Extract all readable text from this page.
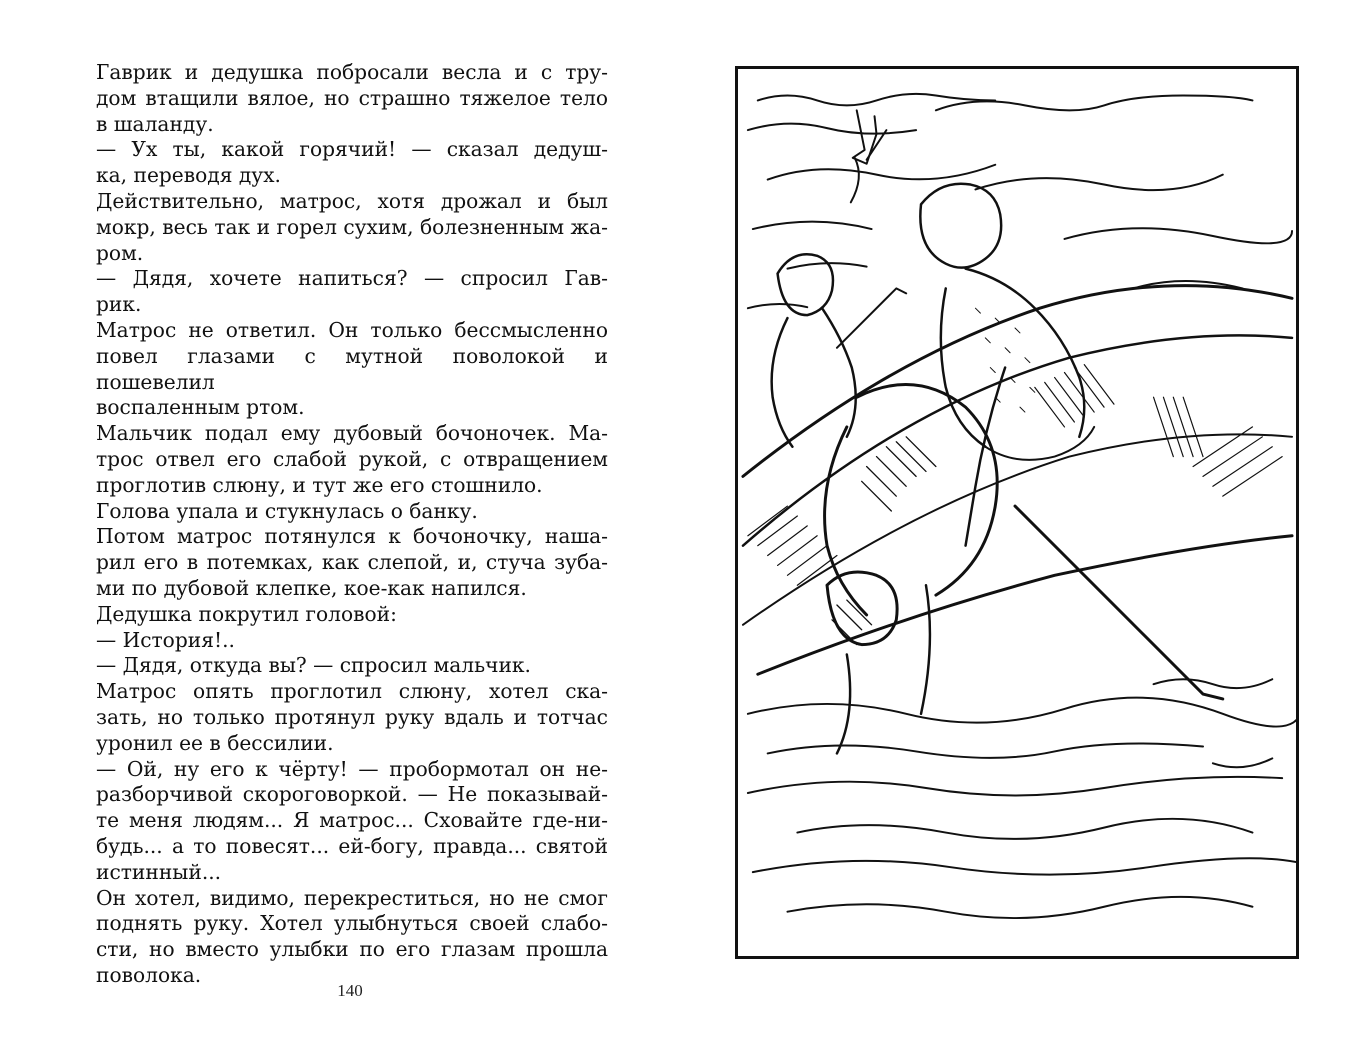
Гаврик и дедушка побросали весла и с тру-

дом втащили вялое, но страшно тяжелое тело

в шаланду.

— Ух ты, какой горячий! — сказал дедуш-

ка, переводя дух.

Действительно, матрос, хотя дрожал и был

мокр, весь так и горел сухим, болезненным жа-

ром.

— Дядя, хочете напиться? — спросил Гав-

рик.

Матрос не ответил. Он только бессмысленно

повел глазами с мутной поволокой и пошевелил

воспаленным ртом.

Мальчик подал ему дубовый бочоночек. Ма-

трос отвел его слабой рукой, с отвращением

проглотив слюну, и тут же его стошнило.

Голова упала и стукнулась о банку.

Потом матрос потянулся к бочоночку, наша-

рил его в потемках, как слепой, и, стуча зуба-

ми по дубовой клепке, кое-как напился.

Дедушка покрутил головой:

— История!..

— Дядя, откуда вы? — спросил мальчик.

Матрос опять проглотил слюну, хотел ска-

зать, но только протянул руку вдаль и тотчас

уронил ее в бессилии.

— Ой, ну его к чёрту! — пробормотал он не-

разборчивой скороговоркой. — Не показывай-

те меня людям... Я матрос... Сховайте где-ни-

будь... а то повесят... ей-богу, правда... святой

истинный...

Он хотел, видимо, перекреститься, но не смог

поднять руку. Хотел улыбнуться своей слабо-

сти, но вместо улыбки по его глазам прошла

поволока.

140
